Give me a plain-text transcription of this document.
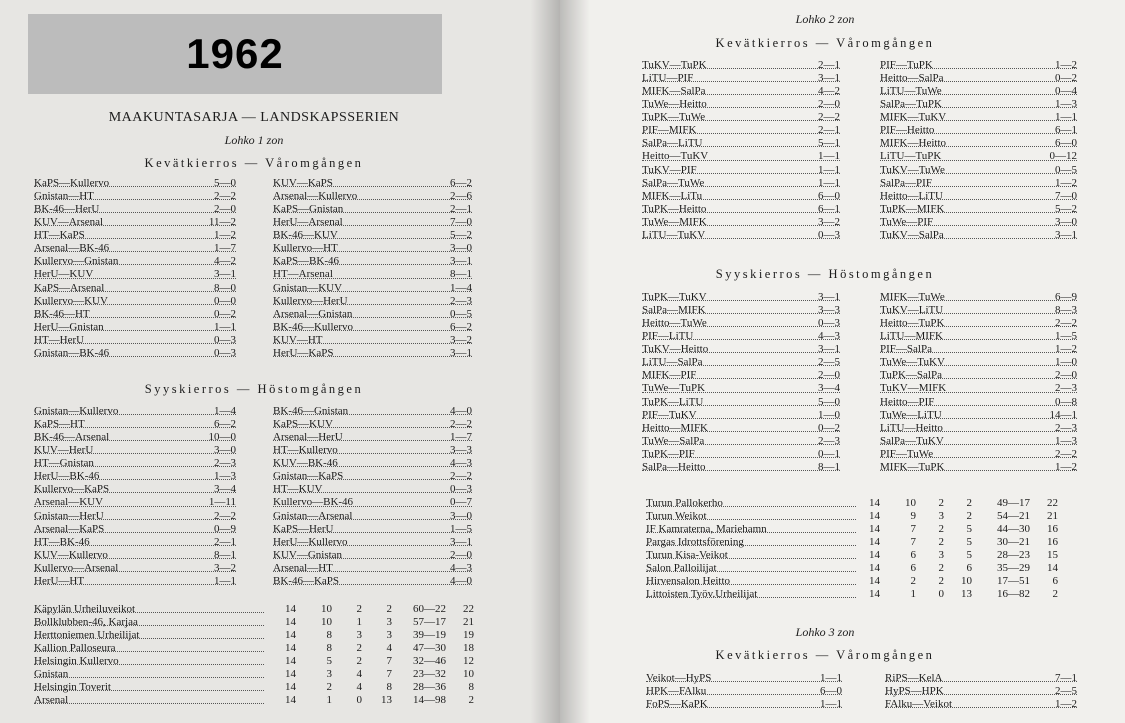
1962
MAAKUNTASARJA — LANDSKAPSSERIEN
Lohko 1 zon
Kevätkierros — Våromgången
KaPS—Kullervo	5—0
Gnistan—HT	2—2
BK-46—HerU	2—0
KUV—Arsenal	11—2
HT—KaPS	1—2
Arsenal—BK-46	1—7
Kullervo—Gnistan	4—2
HerU—KUV	3—1
KaPS—Arsenal	8—0
Kullervo—KUV	0—0
BK-46—HT	0—2
HerU—Gnistan	1—1
HT—HerU	0—3
Gnistan—BK-46	0—3
KUV—KaPS	6—2
Arsenal—Kullervo	2—6
KaPS—Gnistan	2—1
HerU—Arsenal	7—0
BK-46—KUV	5—2
Kullervo—HT	3—0
KaPS—BK-46	3—1
HT—Arsenal	8—1
Gnistan—KUV	1—4
Kullervo—HerU	2—3
Arsenal—Gnistan	0—5
BK-46—Kullervo	6—2
KUV—HT	3—2
HerU—KaPS	3—1
Syyskierros — Höstomgången
Gnistan—Kullervo	1—4
KaPS—HT	6—2
BK-46—Arsenal	10—0
KUV—HerU	3—0
HT—Gnistan	2—3
HerU—BK-46	1—3
Kullervo—KaPS	3—4
Arsenal—KUV	1—11
Gnistan—HerU	2—2
Arsenal—KaPS	0—9
HT—BK-46	2—1
KUV—Kullervo	8—1
Kullervo—Arsenal	3—2
HerU—HT	1—1
BK-46—Gnistan	4—0
KaPS—KUV	2—2
Arsenal—HerU	1—7
HT—Kullervo	3—3
KUV—BK-46	4—3
Gnistan—KaPS	2—2
HT—KUV	0—3
Kullervo—BK-46	0—7
Gnistan—Arsenal	3—0
KaPS—HerU	1—5
HerU—Kullervo	3—1
KUV—Gnistan	2—0
Arsenal—HT	4—3
BK-46—KaPS	4—0
Käpylän Urheiluveikot	14	10	2	2	60—22	22
Bollklubben-46, Karjaa	14	10	1	3	57—17	21
Herttoniemen Urheilijat	14	8	3	3	39—19	19
Kallion Palloseura	14	8	2	4	47—30	18
Helsingin Kullervo	14	5	2	7	32—46	12
Gnistan	14	3	4	7	23—32	10
Helsingin Toverit	14	2	4	8	28—36	8
Arsenal	14	1	0	13	14—98	2
Lohko 2 zon
Kevätkierros — Våromgången
TuKV—TuPK	2—1
LiTU—PIF	3—1
MIFK—SalPa	4—2
TuWe—Heitto	2—0
TuPK—TuWe	2—2
PIF—MIFK	2—1
SalPa—LiTU	5—1
Heitto—TuKV	1—1
TuKV—PIF	1—1
SalPa—TuWe	1—1
MIFK—LiTu	6—0
TuPK—Heitto	6—1
TuWe—MIFK	3—2
LiTU—TuKV	0—3
PIF—TuPK	1—2
Heitto—SalPa	0—2
LiTU—TuWe	0—4
SalPa—TuPK	1—3
MIFK—TuKV	1—1
PIF—Heitto	6—1
MIFK—Heitto	6—0
LiTU—TuPK	0—12
TuKV—TuWe	0—5
SalPa—PIF	1—2
Heitto—LiTU	7—0
TuPK—MIFK	5—2
TuWe—PIF	3—0
TuKV—SalPa	3—1
Syyskierros — Höstomgången
TuPK—TuKV	3—1
SalPa—MIFK	3—3
Heitto—TuWe	0—3
PIF—LiTU	4—3
TuKV—Heitto	3—1
LiTU—SalPa	2—5
MIFK—PIF	2—0
TuWe—TuPK	3—4
TuPK—LiTU	5—0
PIF—TuKV	1—0
Heitto—MIFK	0—2
TuWe—SalPa	2—3
TuPK—PIF	0—1
SalPa—Heitto	8—1
MIFK—TuWe	6—9
TuKV—LiTU	8—3
Heitto—TuPK	2—2
LiTU—MIFK	1—5
PIF—SalPa	1—2
TuWe—TuKV	1—0
TuPK—SalPa	2—0
TuKV—MIFK	2—3
Heitto—PIF	0—8
TuWe—LiTU	14—1
LiTU—Heitto	2—3
SalPa—TuKV	1—3
PIF—TuWe	2—2
MIFK—TuPK	1—2
Turun Pallokerho	14	10	2	2	49—17	22
Turun Weikot	14	9	3	2	54—21	21
IF Kamraterna, Mariehamn	14	7	2	5	44—30	16
Pargas Idrottsförening	14	7	2	5	30—21	16
Turun Kisa-Veikot	14	6	3	5	28—23	15
Salon Palloilijat	14	6	2	6	35—29	14
Hirvensalon Heitto	14	2	2	10	17—51	6
Littoisten Työv.Urheilijat	14	1	0	13	16—82	2
Lohko 3 zon
Kevätkierros — Våromgången
Veikot—HyPS	1—1
HPK—FAlku	6—0
FoPS—KaPK	1—1
RiPS—KelA	7—1
HyPS—HPK	2—5
FAlku—Veikot	1—2
